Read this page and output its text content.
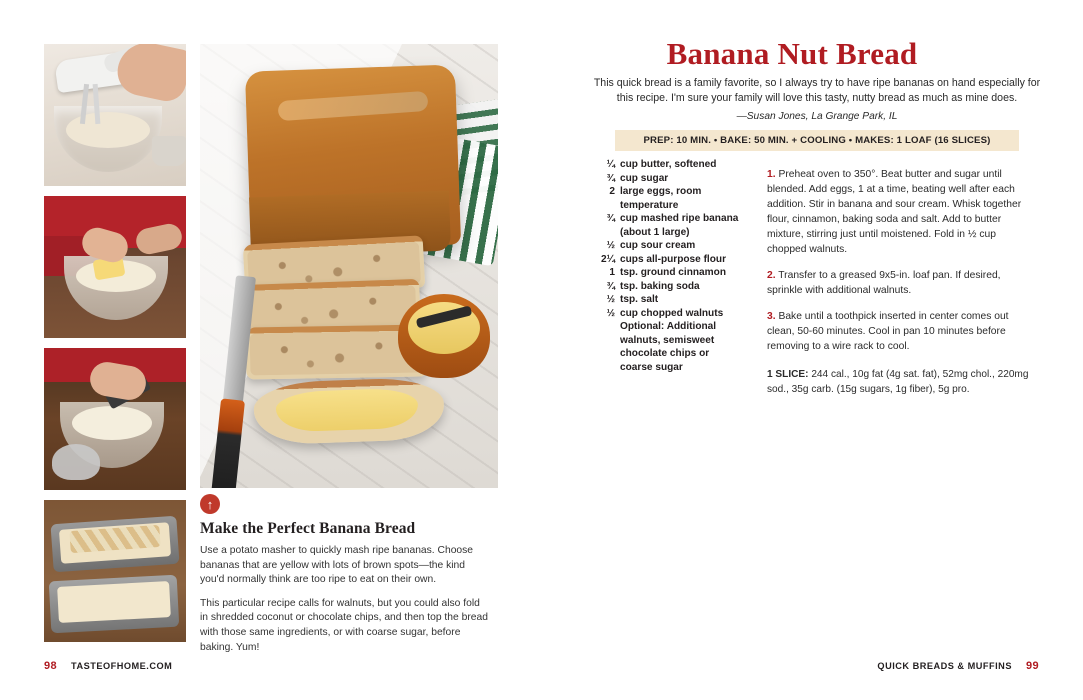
↑
Make the Perfect Banana Bread

Use a potato masher to quickly mash ripe bananas. Choose bananas that are yellow with lots of brown spots—the kind you'd normally think are too ripe to eat on their own.

This particular recipe calls for walnuts, but you could also fold in shredded coconut or chocolate chips, and then top the bread with those same ingredients, or with coarse sugar, before baking. Yum!

98 TASTEOFHOME.COM
Banana Nut Bread
This quick bread is a family favorite, so I always try to have ripe bananas on hand especially for this recipe. I'm sure your family will love this tasty, nutty bread as much as mine does.
—Susan Jones, La Grange Park, IL
PREP: 10 MIN. • BAKE: 50 MIN. + COOLING • MAKES: 1 LOAF (16 SLICES)
¼ cup butter, softened
¾ cup sugar
2 large eggs, room temperature
¾ cup mashed ripe banana (about 1 large)
½ cup sour cream
2¼ cups all-purpose flour
1 tsp. ground cinnamon
¾ tsp. baking soda
½ tsp. salt
½ cup chopped walnuts Optional: Additional walnuts, semisweet chocolate chips or coarse sugar

1. Preheat oven to 350°. Beat butter and sugar until blended. Add eggs, 1 at a time, beating well after each addition. Stir in banana and sour cream. Whisk together flour, cinnamon, baking soda and salt. Add to butter mixture, stirring just until moistened. Fold in ½ cup chopped walnuts.

2. Transfer to a greased 9x5-in. loaf pan. If desired, sprinkle with additional walnuts.

3. Bake until a toothpick inserted in center comes out clean, 50-60 minutes. Cool in pan 10 minutes before removing to a wire rack to cool.

1 SLICE: 244 cal., 10g fat (4g sat. fat), 52mg chol., 220mg sod., 35g carb. (15g sugars, 1g fiber), 5g pro.

QUICK BREADS & MUFFINS 99
